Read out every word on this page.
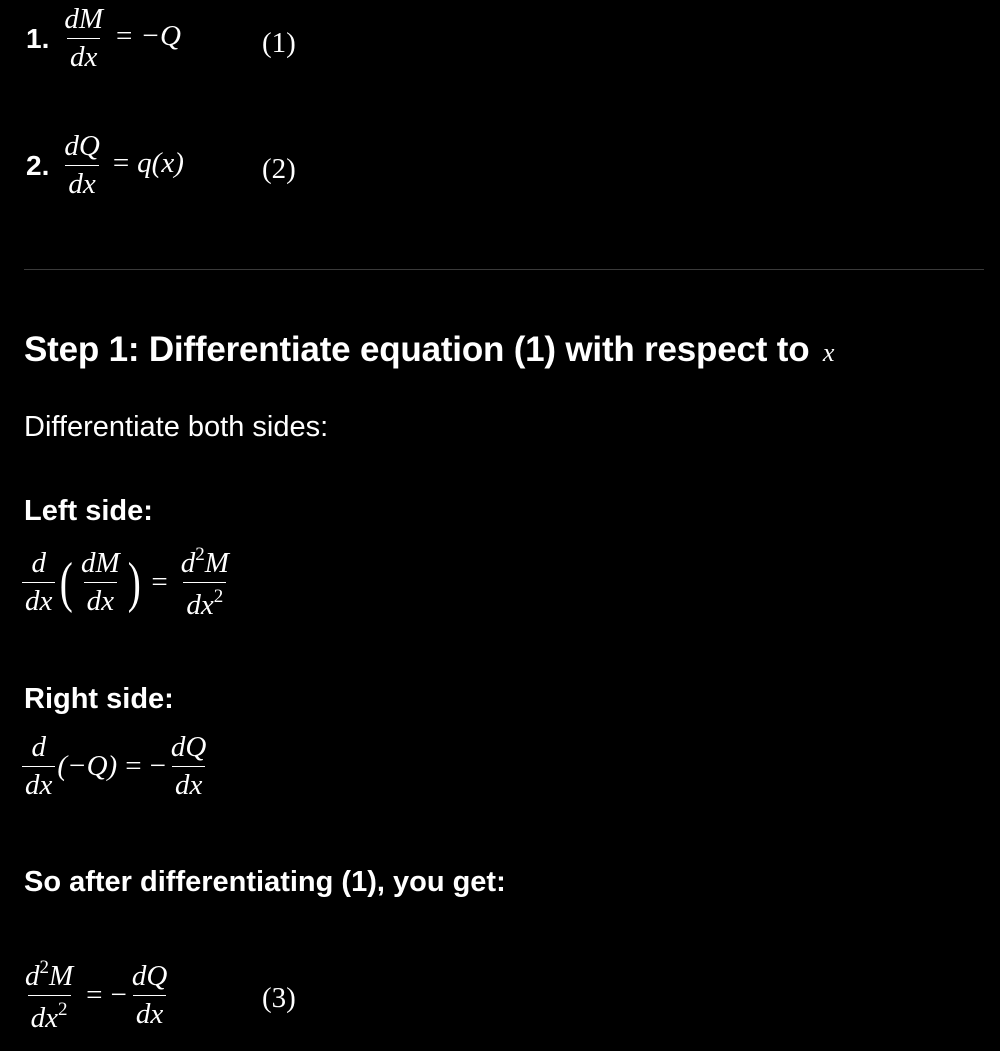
1. $\frac{dM}{dx} = -Q$	(1)
2. $\frac{dQ}{dx} = q(x)$	(2)
Step 1: Differentiate equation (1) with respect to x
Differentiate both sides:
Left side:
$\frac{d}{dx}$ ( $\frac{dM}{dx}$ ) = $\frac{d^2M}{dx^2}$
Right side:
$\frac{d}{dx} (-Q)$ = − $\frac{dQ}{dx}$
So after differentiating (1), you get:
$\frac{d^2M}{dx^2}$ = − $\frac{dQ}{dx}$	(3)
